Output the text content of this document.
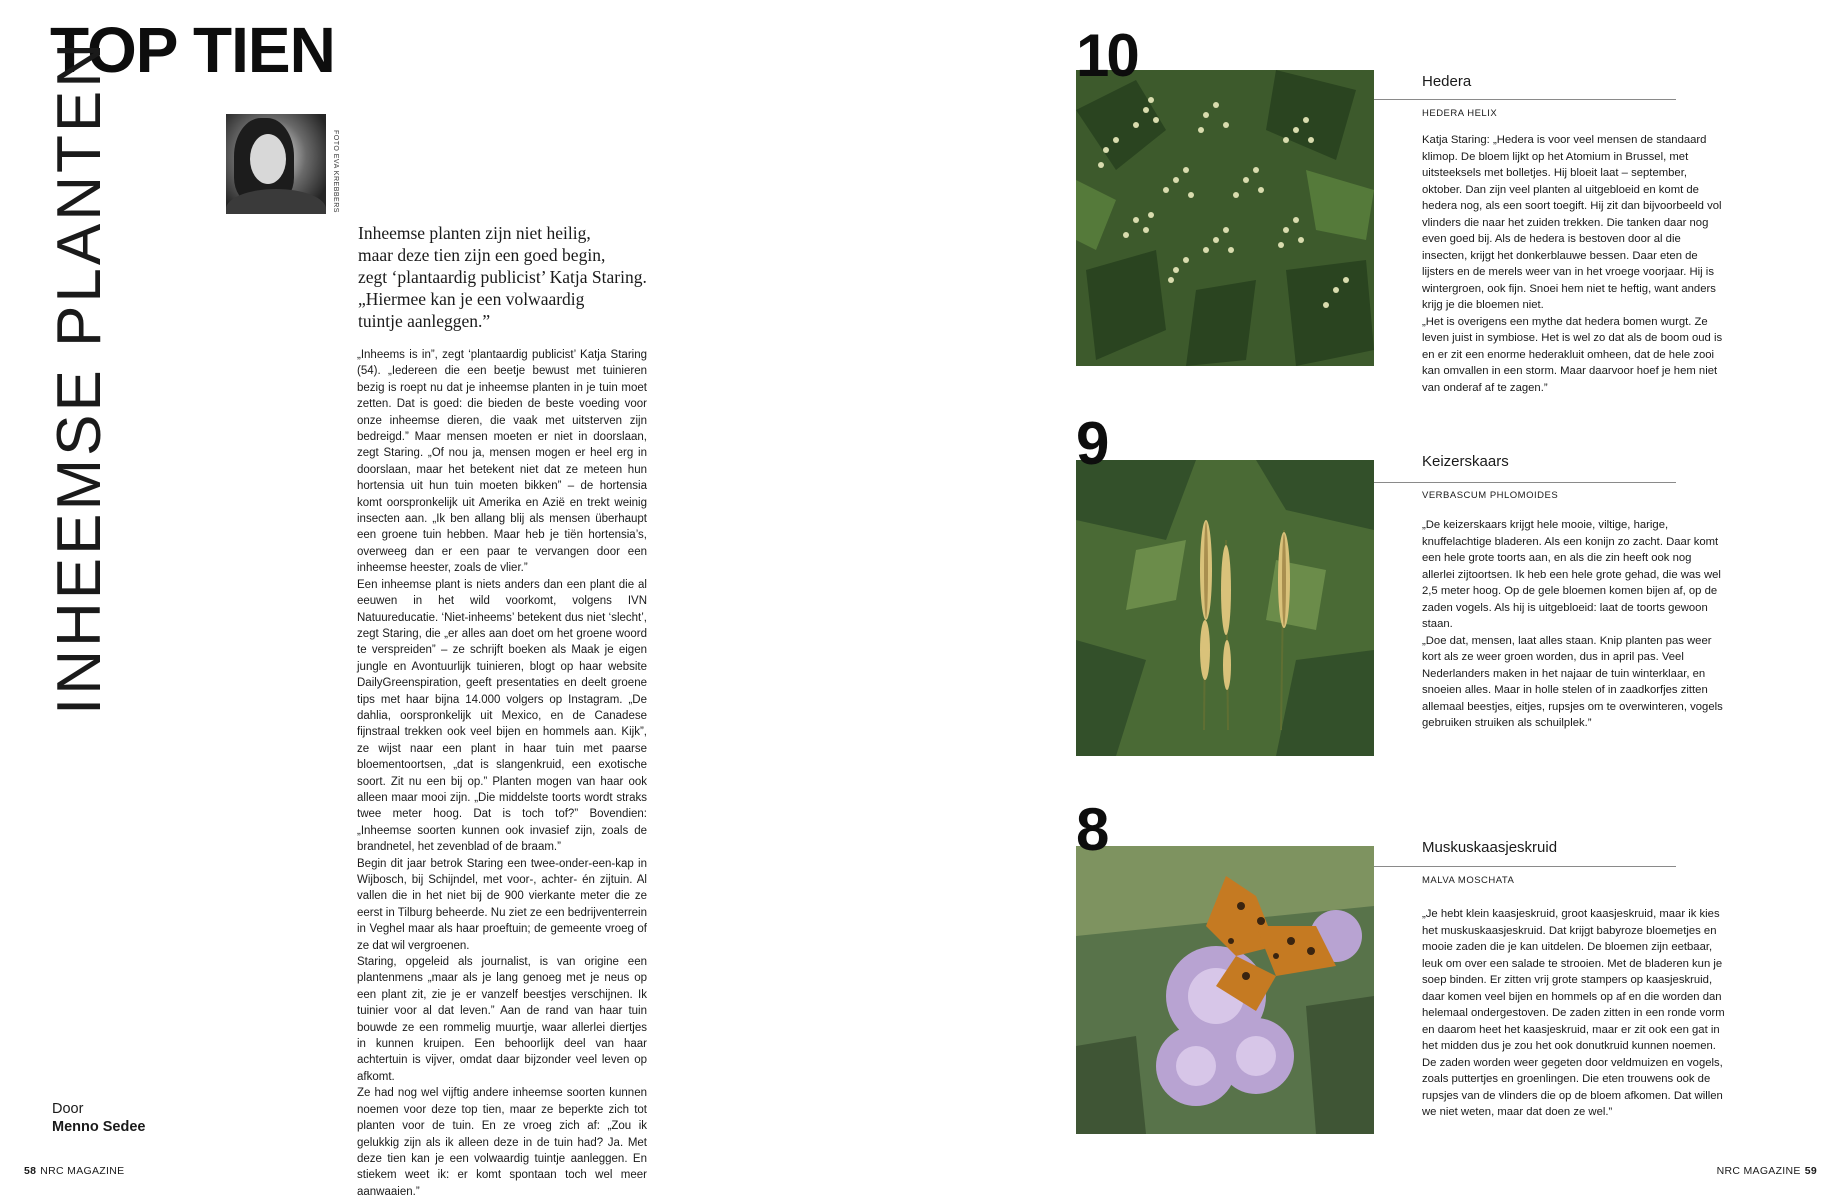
TOP TIEN
INHEEMSE PLANTEN	FOTO EVA KREBBERS

Inheemse planten zijn niet heilig,

maar deze tien zijn een goed begin,

zegt ‘plantaardig publicist’ Katja Staring.

„Hiermee kan je een volwaardig

tuintje aanleggen.”

„Inheems is in”, zegt ‘plantaardig publicist’ Katja Staring (54). „Iedereen die een beetje bewust met tuinieren bezig is roept nu dat je inheemse planten in je tuin moet zetten. Dat is goed: die bieden de beste voeding voor onze inheemse dieren, die vaak met uitsterven zijn bedreigd.” Maar mensen moeten er niet in doorslaan, zegt Staring. „Of nou ja, mensen mogen er heel erg in doorslaan, maar het betekent niet dat ze meteen hun hortensia uit hun tuin moeten bikken” – de hortensia komt oorspronkelijk uit Amerika en Azië en trekt weinig insecten aan. „Ik ben allang blij als mensen überhaupt een groene tuin hebben. Maar heb je tiën hortensia’s, overweeg dan er een paar te vervangen door een inheemse heester, zoals de vlier.”

Een inheemse plant is niets anders dan een plant die al eeuwen in het wild voorkomt, volgens IVN Natuureducatie. ‘Niet-inheems’ betekent dus niet ‘slecht’, zegt Staring, die „er alles aan doet om het groene woord te verspreiden” – ze schrijft boeken als Maak je eigen jungle en Avontuurlijk tuinieren, blogt op haar website DailyGreenspiration, geeft presentaties en deelt groene tips met haar bijna 14.000 volgers op Instagram. „De dahlia, oorspronkelijk uit Mexico, en de Canadese fijnstraal trekken ook veel bijen en hommels aan. Kijk”, ze wijst naar een plant in haar tuin met paarse bloementoortsen, „dat is slangenkruid, een exotische soort. Zit nu een bij op.” Planten mogen van haar ook alleen maar mooi zijn. „Die middelste toorts wordt straks twee meter hoog. Dat is toch tof?” Bovendien: „Inheemse soorten kunnen ook invasief zijn, zoals de brandnetel, het zevenblad of de braam.”

Begin dit jaar betrok Staring een twee-onder-een-kap in Wijbosch, bij Schijndel, met voor-, achter- én zijtuin. Al vallen die in het niet bij de 900 vierkante meter die ze eerst in Tilburg beheerde. Nu ziet ze een bedrijventerrein in Veghel maar als haar proeftuin; de gemeente vroeg of ze dat wil vergroenen.

Staring, opgeleid als journalist, is van origine een plantenmens „maar als je lang genoeg met je neus op een plant zit, zie je er vanzelf beestjes verschijnen. Ik tuinier voor al dat leven.” Aan de rand van haar tuin bouwde ze een rommelig muurtje, waar allerlei diertjes in kunnen kruipen. Een behoorlijk deel van haar achtertuin is vijver, omdat daar bijzonder veel leven op afkomt.

Ze had nog wel vijftig andere inheemse soorten kunnen noemen voor deze top tien, maar ze beperkte zich tot planten voor de tuin. En ze vroeg zich af: „Zou ik gelukkig zijn als ik alleen deze in de tuin had? Ja. Met deze tien kan je een volwaardig tuintje aanleggen. En stiekem weet ik: er komt spontaan toch wel meer aanwaaien.”

Door
Menno Sedee
58 NRC MAGAZINE
10	Hedera
HEDERA HELIX

Katja Staring: „Hedera is voor veel mensen de standaard klimop. De bloem lijkt op het Atomium in Brussel, met uitsteeksels met bolletjes. Hij bloeit laat – september, oktober. Dan zijn veel planten al uitgebloeid en komt de hedera nog, als een soort toegift. Hij zit dan bijvoorbeeld vol vlinders die naar het zuiden trekken. Die tanken daar nog even goed bij. Als de hedera is bestoven door al die insecten, krijgt het donkerblauwe bessen. Daar eten de lijsters en de merels weer van in het vroege voorjaar. Hij is wintergroen, ook fijn. Snoei hem niet te heftig, want anders krijg je die bloemen niet.

„Het is overigens een mythe dat hedera bomen wurgt. Ze leven juist in symbiose. Het is wel zo dat als de boom oud is en er zit een enorme hederakluit omheen, dat de hele zooi kan omvallen in een storm. Maar daarvoor hoef je hem niet van onderaf af te zagen.”

9	Keizerskaars
VERBASCUM PHLOMOIDES

„De keizerskaars krijgt hele mooie, viltige, harige, knuffelachtige bladeren. Als een konijn zo zacht. Daar komt een hele grote toorts aan, en als die zin heeft ook nog allerlei zijtoortsen. Ik heb een hele grote gehad, die was wel 2,5 meter hoog. Op de gele bloemen komen bijen af, op de zaden vogels. Als hij is uitgebloeid: laat de toorts gewoon staan.

„Doe dat, mensen, laat alles staan. Knip planten pas weer kort als ze weer groen worden, dus in april pas. Veel Nederlanders maken in het najaar de tuin winterklaar, en snoeien alles. Maar in holle stelen of in zaadkorfjes zitten allemaal beestjes, eitjes, rupsjes om te overwinteren, vogels gebruiken struiken als schuilplek.”

8	Muskuskaasjeskruid
MALVA MOSCHATA

„Je hebt klein kaasjeskruid, groot kaasjeskruid, maar ik kies het muskuskaasjeskruid. Dat krijgt babyroze bloemetjes en mooie zaden die je kan uitdelen. De bloemen zijn eetbaar, leuk om over een salade te strooien. Met de bladeren kun je soep binden. Er zitten vrij grote stampers op kaasjeskruid, daar komen veel bijen en hommels op af en die worden dan helemaal ondergestoven. De zaden zitten in een ronde vorm en daarom heet het kaasjeskruid, maar er zit ook een gat in het midden dus je zou het ook donutkruid kunnen noemen. De zaden worden weer gegeten door veldmuizen en vogels, zoals puttertjes en groenlingen. Die eten trouwens ook de rupsjes van de vlinders die op de bloem afkomen. Dat willen we niet weten, maar dat doen ze wel.”

NRC MAGAZINE 59
